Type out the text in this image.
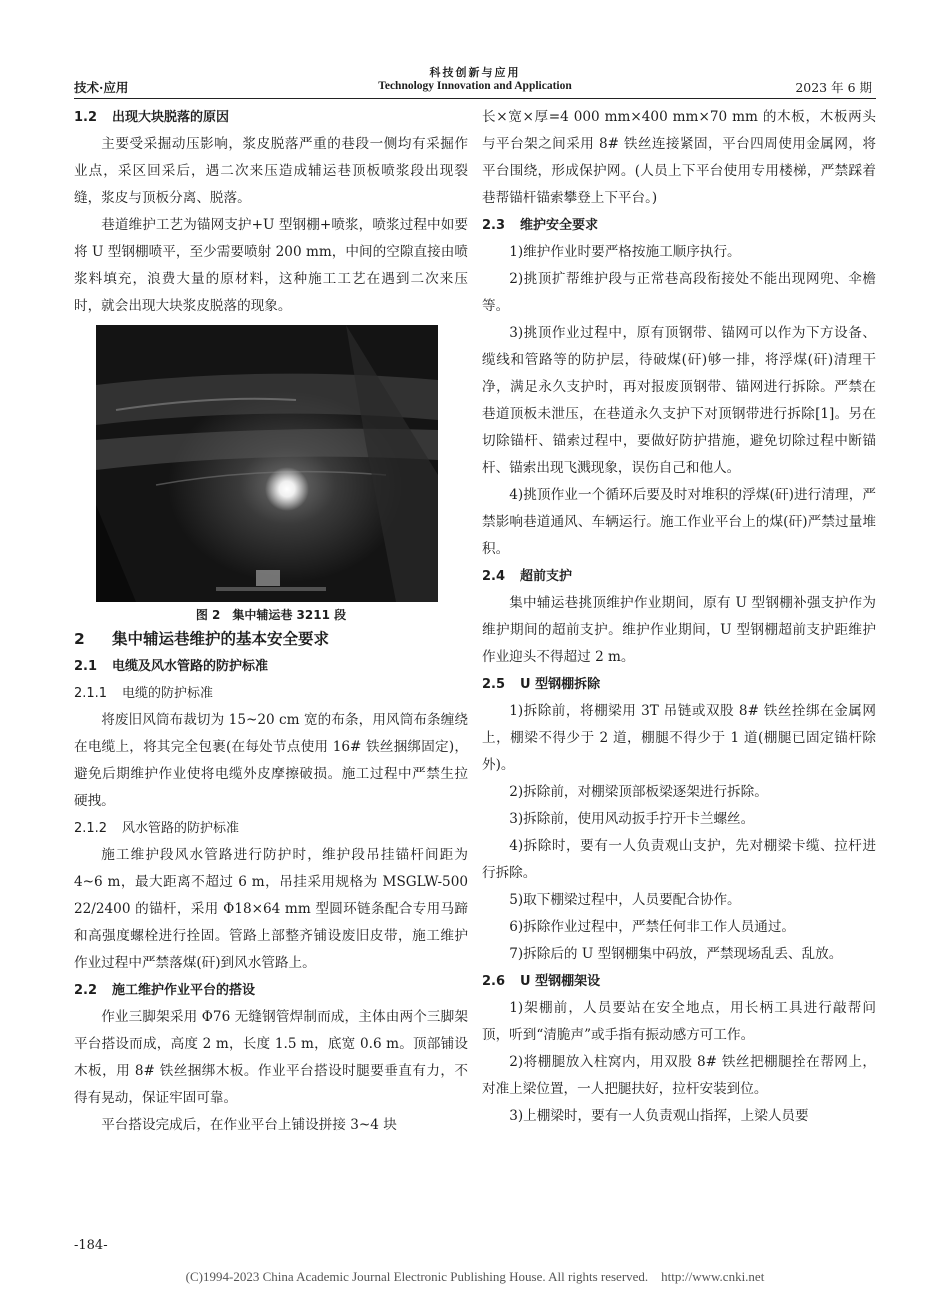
科技创新与应用
技术·应用	Technology Innovation and Application	2023 年 6 期
1.2 出现大块脱落的原因

主要受采掘动压影响，浆皮脱落严重的巷段一侧均有采掘作业点，采区回采后，遇二次来压造成辅运巷顶板喷浆段出现裂缝，浆皮与顶板分离、脱落。

巷道维护工艺为锚网支护+U 型钢棚+喷浆，喷浆过程中如要将 U 型钢棚喷平，至少需要喷射 200 mm，中间的空隙直接由喷浆料填充，浪费大量的原材料，这种施工工艺在遇到二次来压时，就会出现大块浆皮脱落的现象。

图 2　集中辅运巷 3211 段
2 集中辅运巷维护的基本安全要求
2.1 电缆及风水管路的防护标准
2.1.1 电缆的防护标准

将废旧风筒布裁切为 15~20 cm 宽的布条，用风筒布条缠绕在电缆上，将其完全包裹(在每处节点使用 16# 铁丝捆绑固定)，避免后期维护作业使将电缆外皮摩擦破损。施工过程中严禁生拉硬拽。

2.1.2 风水管路的防护标准

施工维护段风水管路进行防护时，维护段吊挂锚杆间距为 4~6 m，最大距离不超过 6 m，吊挂采用规格为 MSGLW-500 22/2400 的锚杆，采用 Φ18×64 mm 型圆环链条配合专用马蹄和高强度螺栓进行拴固。管路上部整齐铺设废旧皮带，施工维护作业过程中严禁落煤(矸)到风水管路上。

2.2 施工维护作业平台的搭设

作业三脚架采用 Φ76 无缝钢管焊制而成，主体由两个三脚架平台搭设而成，高度 2 m，长度 1.5 m，底宽 0.6 m。顶部铺设木板，用 8# 铁丝捆绑木板。作业平台搭设时腿要垂直有力，不得有晃动，保证牢固可靠。

平台搭设完成后，在作业平台上铺设拼接 3~4 块

长×宽×厚=4 000 mm×400 mm×70 mm 的木板，木板两头与平台架之间采用 8# 铁丝连接紧固，平台四周使用金属网，将平台围绕，形成保护网。(人员上下平台使用专用楼梯，严禁踩着巷帮锚杆锚索攀登上下平台。)

2.3 维护安全要求

1)维护作业时要严格按施工顺序执行。

2)挑顶扩帮维护段与正常巷高段衔接处不能出现网兜、伞檐等。

3)挑顶作业过程中，原有顶钢带、锚网可以作为下方设备、缆线和管路等的防护层，待破煤(矸)够一排，将浮煤(矸)清理干净，满足永久支护时，再对报废顶钢带、锚网进行拆除。严禁在巷道顶板未泄压，在巷道永久支护下对顶钢带进行拆除[1]。另在切除锚杆、锚索过程中，要做好防护措施，避免切除过程中断锚杆、锚索出现飞溅现象，误伤自己和他人。

4)挑顶作业一个循环后要及时对堆积的浮煤(矸)进行清理，严禁影响巷道通风、车辆运行。施工作业平台上的煤(矸)严禁过量堆积。

2.4 超前支护

集中辅运巷挑顶维护作业期间，原有 U 型钢棚补强支护作为维护期间的超前支护。维护作业期间，U 型钢棚超前支护距维护作业迎头不得超过 2 m。

2.5 U 型钢棚拆除

1)拆除前，将棚梁用 3T 吊链或双股 8# 铁丝拴绑在金属网上，棚梁不得少于 2 道，棚腿不得少于 1 道(棚腿已固定锚杆除外)。

2)拆除前，对棚梁顶部板梁逐架进行拆除。

3)拆除前，使用风动扳手拧开卡兰螺丝。

4)拆除时，要有一人负责观山支护，先对棚梁卡缆、拉杆进行拆除。

5)取下棚梁过程中，人员要配合协作。

6)拆除作业过程中，严禁任何非工作人员通过。

7)拆除后的 U 型钢棚集中码放，严禁现场乱丢、乱放。

2.6 U 型钢棚架设

1)架棚前，人员要站在安全地点，用长柄工具进行敲帮问顶，听到“清脆声”或手指有振动感方可工作。

2)将棚腿放入柱窝内，用双股 8# 铁丝把棚腿拴在帮网上，对准上梁位置，一人把腿扶好，拉杆安装到位。

3)上棚梁时，要有一人负责观山指挥，上梁人员要

-184-
(C)1994-2023 China Academic Journal Electronic Publishing House. All rights reserved.　http://www.cnki.net
